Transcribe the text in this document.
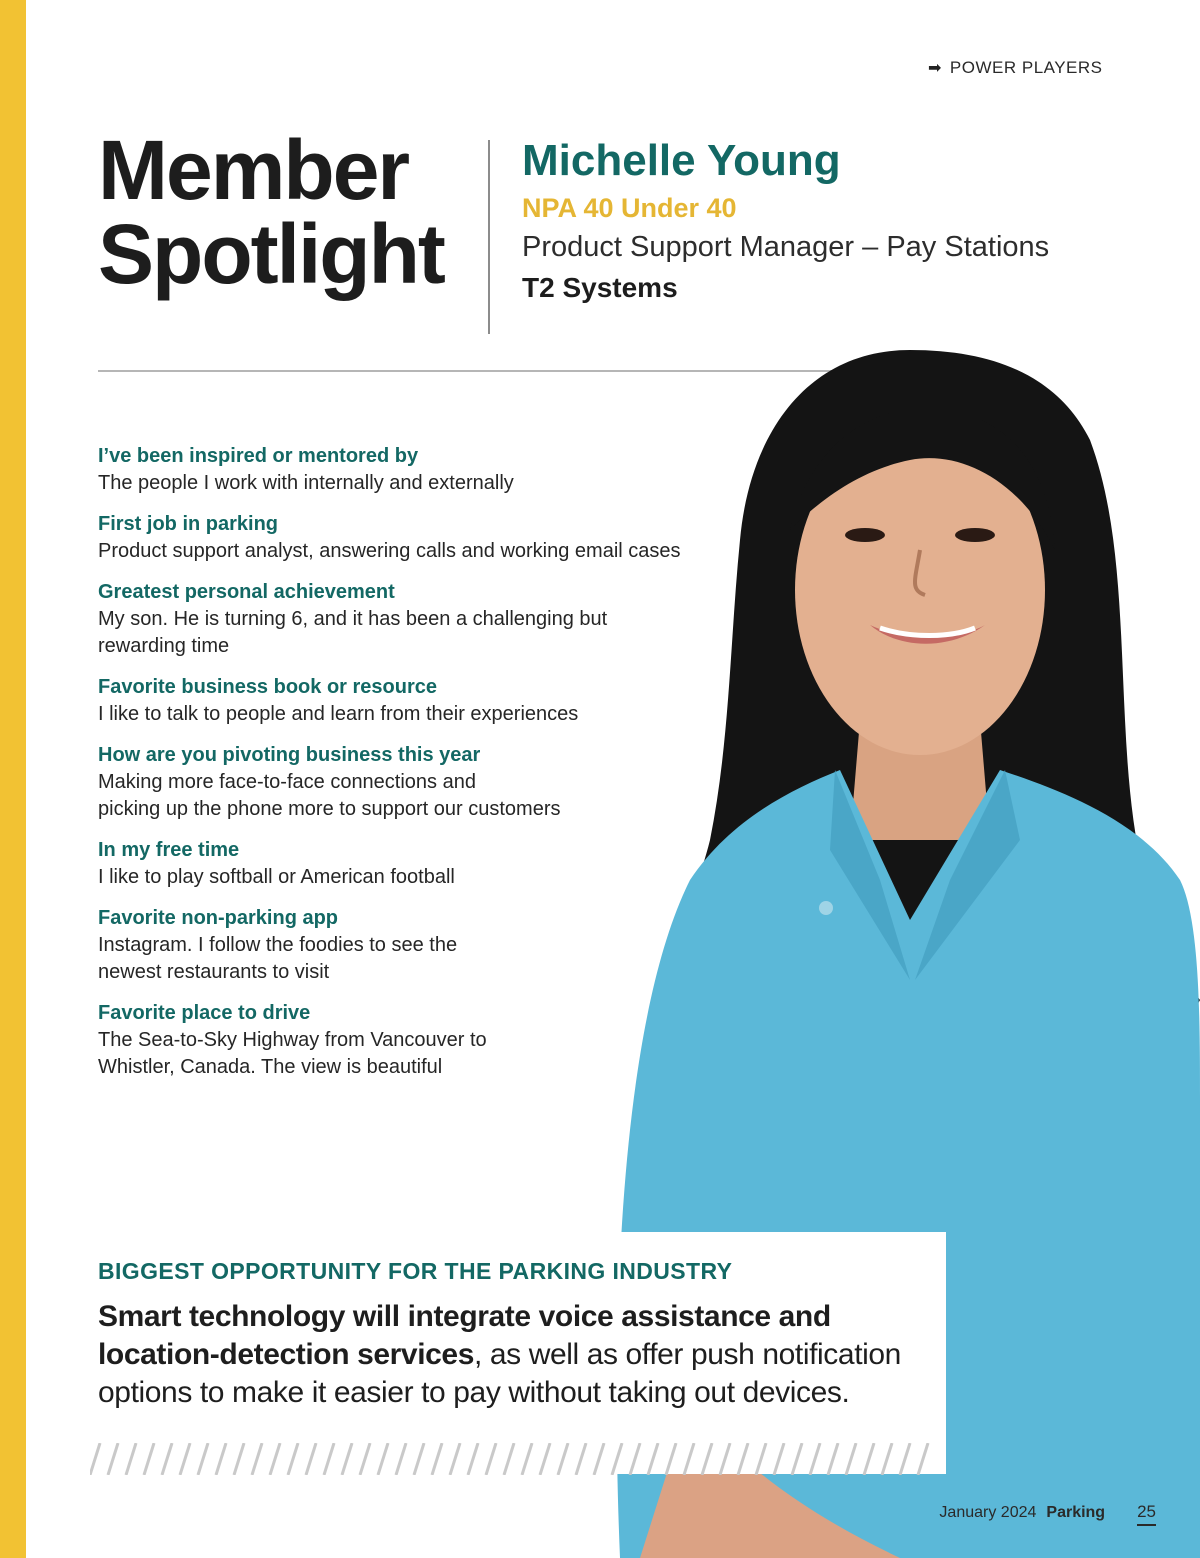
➡ POWER PLAYERS
Member
Spotlight
Michelle Young
NPA 40 Under 40
Product Support Manager – Pay Stations
T2 Systems
I’ve been inspired or mentored by
The people I work with internally and externally
First job in parking
Product support analyst, answering calls and working email cases
Greatest personal achievement
My son. He is turning 6, and it has been a challenging but
rewarding time
Favorite business book or resource
I like to talk to people and learn from their experiences
How are you pivoting business this year
Making more face-to-face connections and
picking up the phone more to support our customers
In my free time
I like to play softball or American football
Favorite non-parking app
Instagram. I follow the foodies to see the
newest restaurants to visit
Favorite place to drive
The Sea-to-Sky Highway from Vancouver to
Whistler, Canada. The view is beautiful
BIGGEST OPPORTUNITY FOR THE PARKING INDUSTRY
Smart technology will integrate voice assistance and location-detection services, as well as offer push notification options to make it easier to pay without taking out devices.
January 2024 Parking 25
